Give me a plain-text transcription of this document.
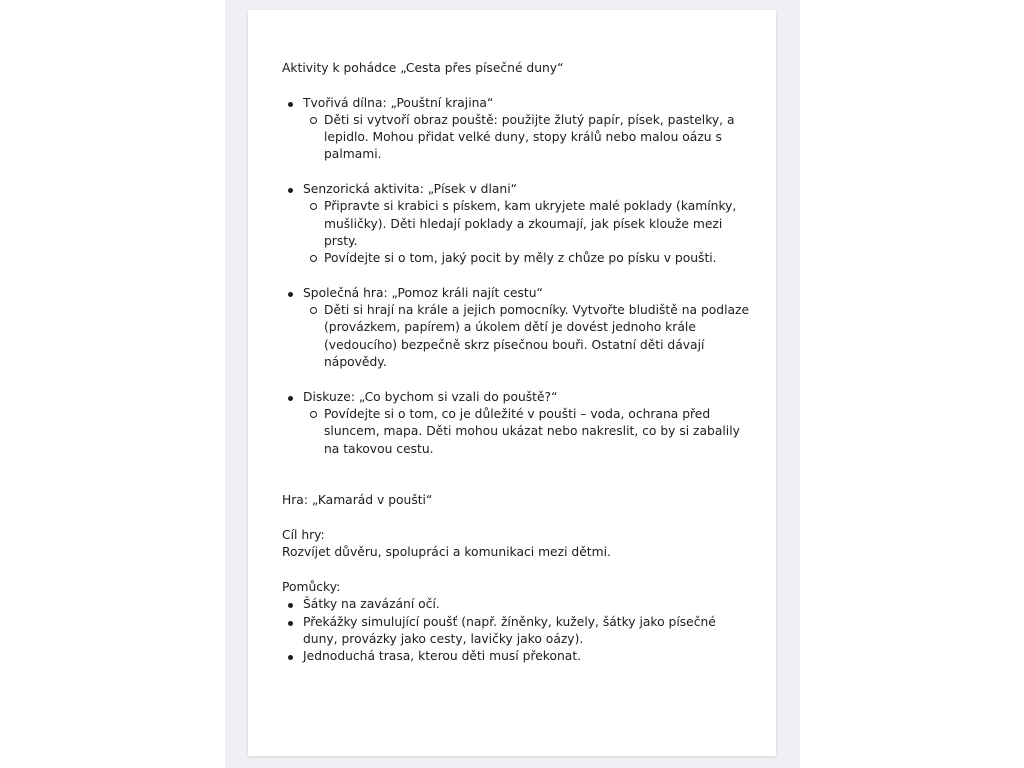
Aktivity k pohádce „Cesta přes písečné duny“

Tvořivá dílna: „Pouštní krajina“
Děti si vytvoří obraz pouště: použijte žlutý papír, písek, pastelky, a lepidlo. Mohou přidat velké duny, stopy králů nebo malou oázu s palmami.
Senzorická aktivita: „Písek v dlani“
Připravte si krabici s pískem, kam ukryjete malé poklady (kamínky, mušličky). Děti hledají poklady a zkoumají, jak písek klouže mezi prsty.
Povídejte si o tom, jaký pocit by měly z chůze po písku v poušti.
Společná hra: „Pomoz králi najít cestu“
Děti si hrají na krále a jejich pomocníky. Vytvořte bludiště na podlaze (provázkem, papírem) a úkolem dětí je dovést jednoho krále (vedoucího) bezpečně skrz písečnou bouři. Ostatní děti dávají nápovědy.
Diskuze: „Co bychom si vzali do pouště?“
Povídejte si o tom, co je důležité v poušti – voda, ochrana před sluncem, mapa. Děti mohou ukázat nebo nakreslit, co by si zabalily na takovou cestu.

Hra: „Kamarád v poušti“

Cíl hry:

Rozvíjet důvěru, spolupráci a komunikaci mezi dětmi.

Pomůcky:

Šátky na zavázání očí.
Překážky simulující poušť (např. žíněnky, kužely, šátky jako písečné duny, provázky jako cesty, lavičky jako oázy).
Jednoduchá trasa, kterou děti musí překonat.
